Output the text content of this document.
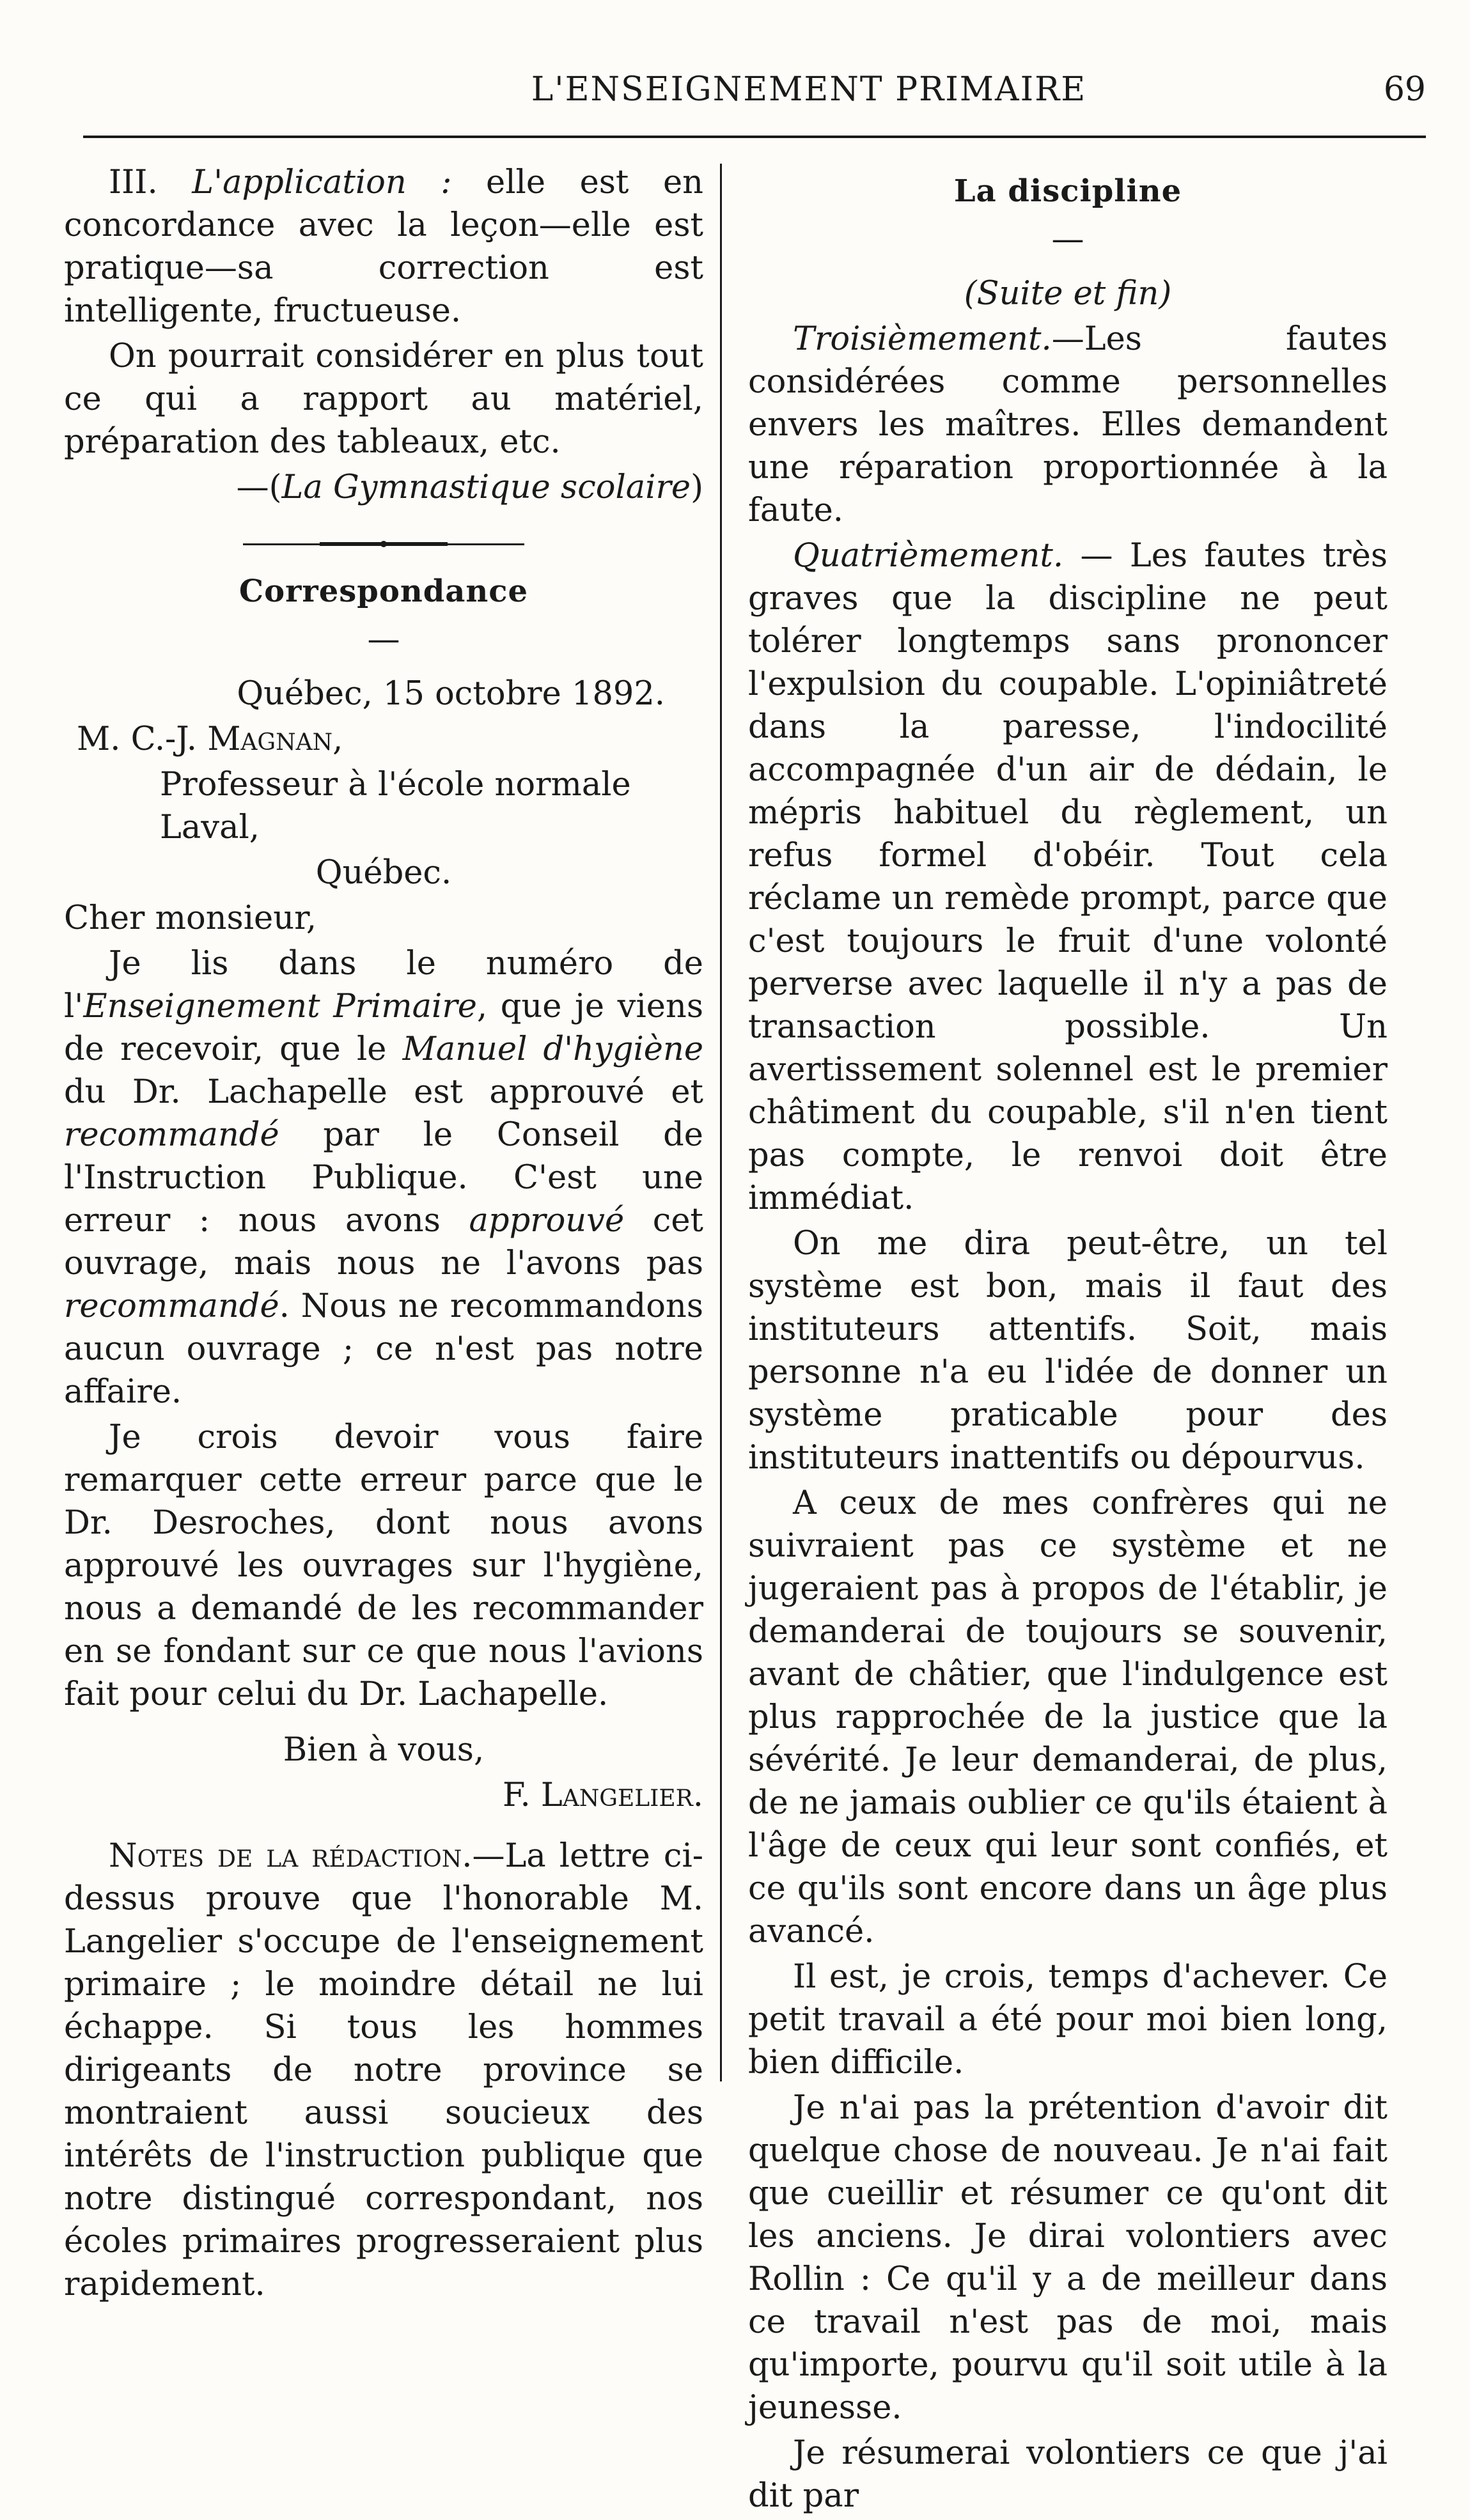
L'ENSEIGNEMENT PRIMAIRE	69

III. L'application : elle est en concordance avec la leçon—elle est pratique—sa correction est intelligente, fructueuse.

On pourrait considérer en plus tout ce qui a rapport au matériel, préparation des tableaux, etc.

—(La Gymnastique scolaire)

Correspondance
—

Québec, 15 octobre 1892.

M. C.-J. Magnan,

Professeur à l'école normale Laval,

Québec.

Cher monsieur,

Je lis dans le numéro de l'Enseignement Primaire, que je viens de recevoir, que le Manuel d'hygiène du Dr. Lachapelle est approuvé et recommandé par le Conseil de l'Instruction Publique. C'est une erreur : nous avons approuvé cet ouvrage, mais nous ne l'avons pas recommandé. Nous ne recommandons aucun ouvrage ; ce n'est pas notre affaire.

Je crois devoir vous faire remarquer cette erreur parce que le Dr. Desroches, dont nous avons approuvé les ouvrages sur l'hygiène, nous a demandé de les recommander en se fondant sur ce que nous l'avions fait pour celui du Dr. Lachapelle.

Bien à vous,

F. Langelier.

Notes de la rédaction.—La lettre ci-dessus prouve que l'honorable M. Langelier s'occupe de l'enseignement primaire ; le moindre détail ne lui échappe. Si tous les hommes dirigeants de notre province se montraient aussi soucieux des intérêts de l'instruction publique que notre distingué correspondant, nos écoles primaires progresseraient plus rapidement.

La discipline
—

(Suite et fin)

Troisièmement.—Les fautes considérées comme personnelles envers les maîtres. Elles demandent une réparation proportionnée à la faute.

Quatrièmement. — Les fautes très graves que la discipline ne peut tolérer longtemps sans prononcer l'expulsion du coupable. L'opiniâtreté dans la paresse, l'indocilité accompagnée d'un air de dédain, le mépris habituel du règlement, un refus formel d'obéir. Tout cela réclame un remède prompt, parce que c'est toujours le fruit d'une volonté perverse avec laquelle il n'y a pas de transaction possible. Un avertissement solennel est le premier châtiment du coupable, s'il n'en tient pas compte, le renvoi doit être immédiat.

On me dira peut-être, un tel système est bon, mais il faut des instituteurs attentifs. Soit, mais personne n'a eu l'idée de donner un système praticable pour des instituteurs inattentifs ou dépourvus.

A ceux de mes confrères qui ne suivraient pas ce système et ne jugeraient pas à propos de l'établir, je demanderai de toujours se souvenir, avant de châtier, que l'indulgence est plus rapprochée de la justice que la sévérité. Je leur demanderai, de plus, de ne jamais oublier ce qu'ils étaient à l'âge de ceux qui leur sont confiés, et ce qu'ils sont encore dans un âge plus avancé.

Il est, je crois, temps d'achever. Ce petit travail a été pour moi bien long, bien difficile.

Je n'ai pas la prétention d'avoir dit quelque chose de nouveau. Je n'ai fait que cueillir et résumer ce qu'ont dit les anciens. Je dirai volontiers avec Rollin : Ce qu'il y a de meilleur dans ce travail n'est pas de moi, mais qu'importe, pourvu qu'il soit utile à la jeunesse.

Je résumerai volontiers ce que j'ai dit par
